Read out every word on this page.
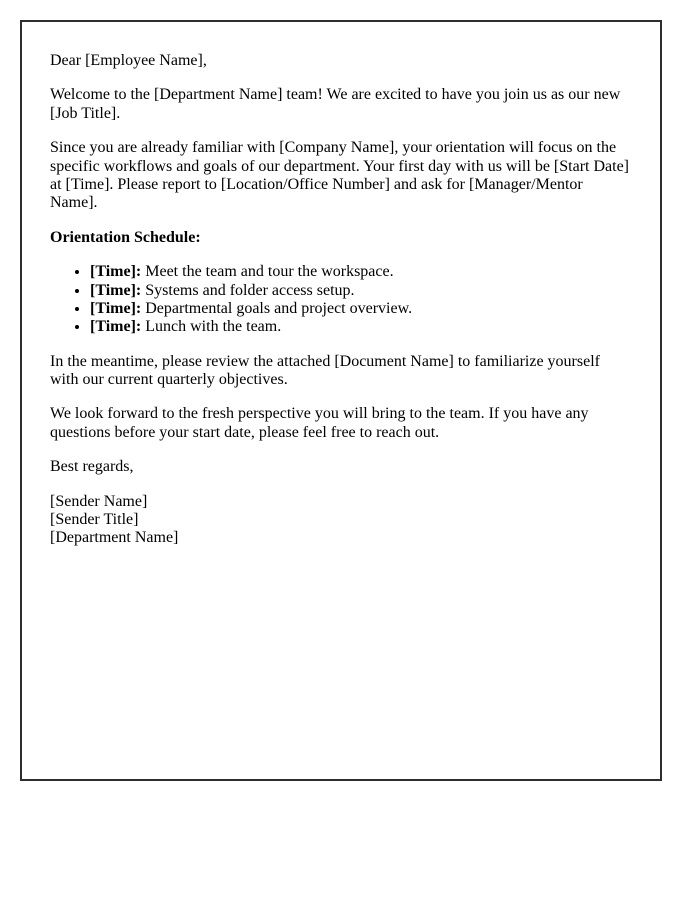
Dear [Employee Name],

Welcome to the [Department Name] team! We are excited to have you join us as our new [Job Title].

Since you are already familiar with [Company Name], your orientation will focus on the specific workflows and goals of our department. Your first day with us will be [Start Date] at [Time]. Please report to [Location/Office Number] and ask for [Manager/Mentor Name].

Orientation Schedule:

• [Time]: Meet the team and tour the workspace.
• [Time]: Systems and folder access setup.
• [Time]: Departmental goals and project overview.
• [Time]: Lunch with the team.

In the meantime, please review the attached [Document Name] to familiarize yourself with our current quarterly objectives.

We look forward to the fresh perspective you will bring to the team. If you have any questions before your start date, please feel free to reach out.

Best regards,

[Sender Name]
[Sender Title]
[Department Name]
